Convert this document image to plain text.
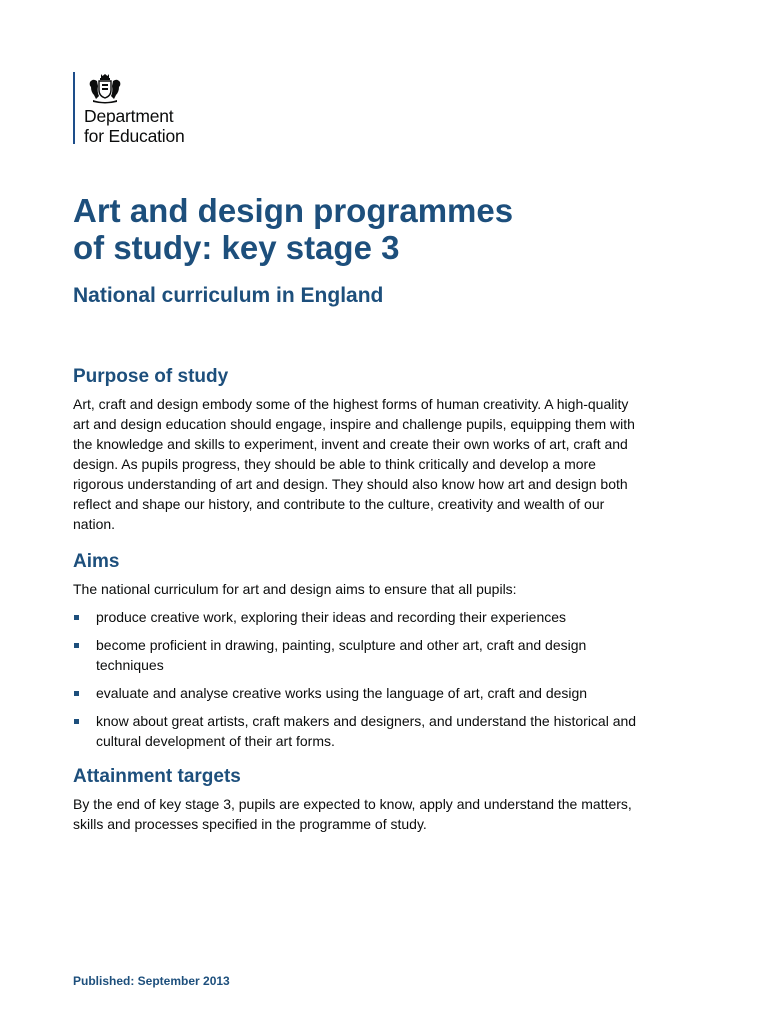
Department
for Education
Art and design programmes
of study: key stage 3
National curriculum in England
Purpose of study

Art, craft and design embody some of the highest forms of human creativity. A high-quality
art and design education should engage, inspire and challenge pupils, equipping them with
the knowledge and skills to experiment, invent and create their own works of art, craft and
design. As pupils progress, they should be able to think critically and develop a more
rigorous understanding of art and design. They should also know how art and design both
reflect and shape our history, and contribute to the culture, creativity and wealth of our
nation.

Aims

The national curriculum for art and design aims to ensure that all pupils:

produce creative work, exploring their ideas and recording their experiences
become proficient in drawing, painting, sculpture and other art, craft and design
techniques
evaluate and analyse creative works using the language of art, craft and design
know about great artists, craft makers and designers, and understand the historical and
cultural development of their art forms.
Attainment targets

By the end of key stage 3, pupils are expected to know, apply and understand the matters,
skills and processes specified in the programme of study.

Published: September 2013
